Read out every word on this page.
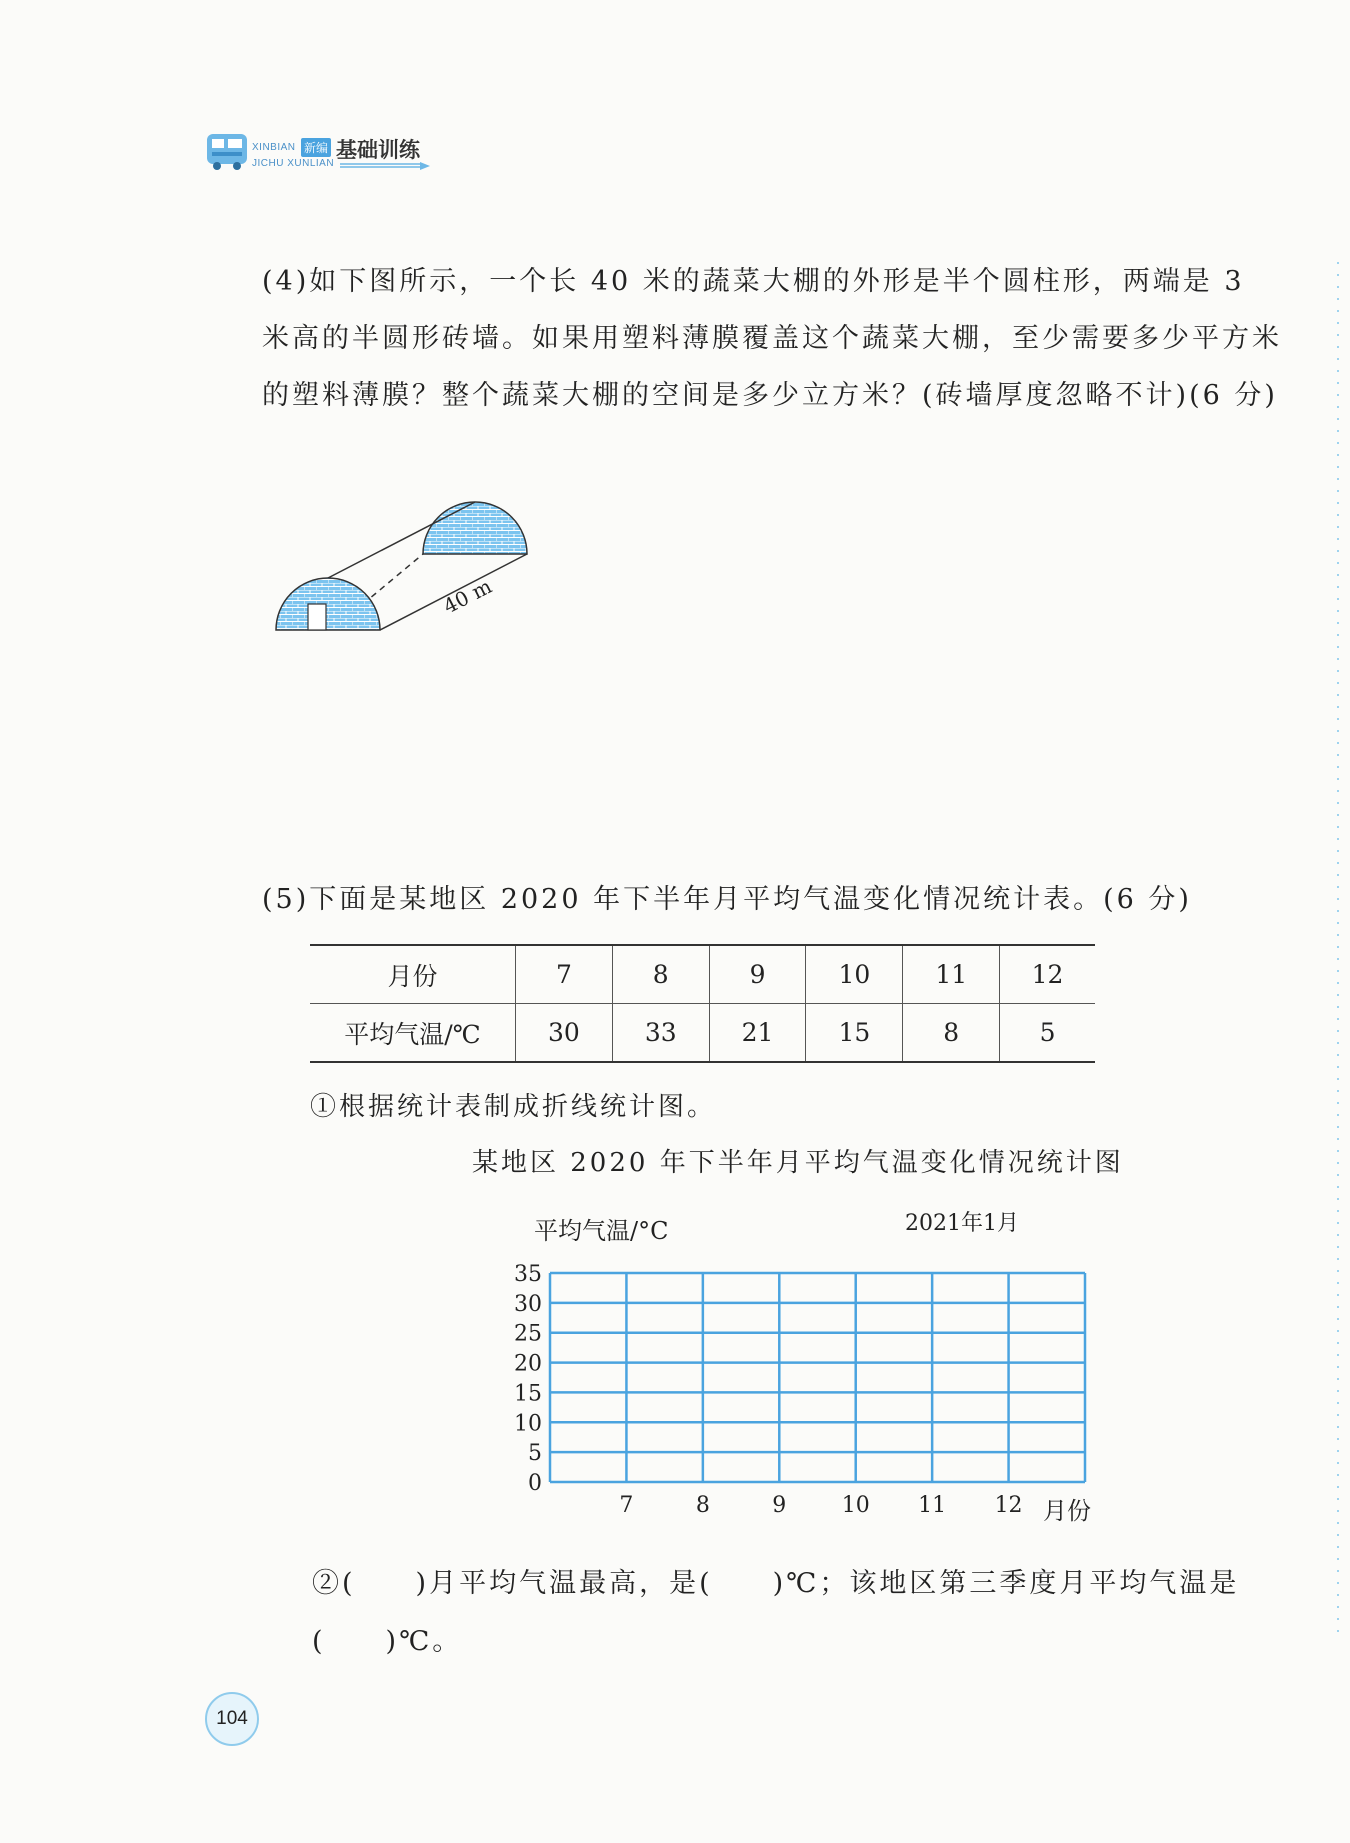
XINBIAN 新编 基础训练
JICHU XUNLIAN
(4)如下图所示，一个长 40 米的蔬菜大棚的外形是半个圆柱形，两端是 3 米高的半圆形砖墙。如果用塑料薄膜覆盖这个蔬菜大棚，至少需要多少平方米的塑料薄膜？整个蔬菜大棚的空间是多少立方米？(砖墙厚度忽略不计)(6 分)
40 m
(5)下面是某地区 2020 年下半年月平均气温变化情况统计表。(6 分)
月份	7	8	9	10	11	12
平均气温/℃	30	33	21	15	8	5
①根据统计表制成折线统计图。
某地区 2020 年下半年月平均气温变化情况统计图
平均气温/°C	2021年1月
月份
0
5
10
15
20
25
30
35
7	8	9	10 11 12
②(　　)月平均气温最高，是(　　)℃；该地区第三季度月平均气温是
(　　)℃。
104
